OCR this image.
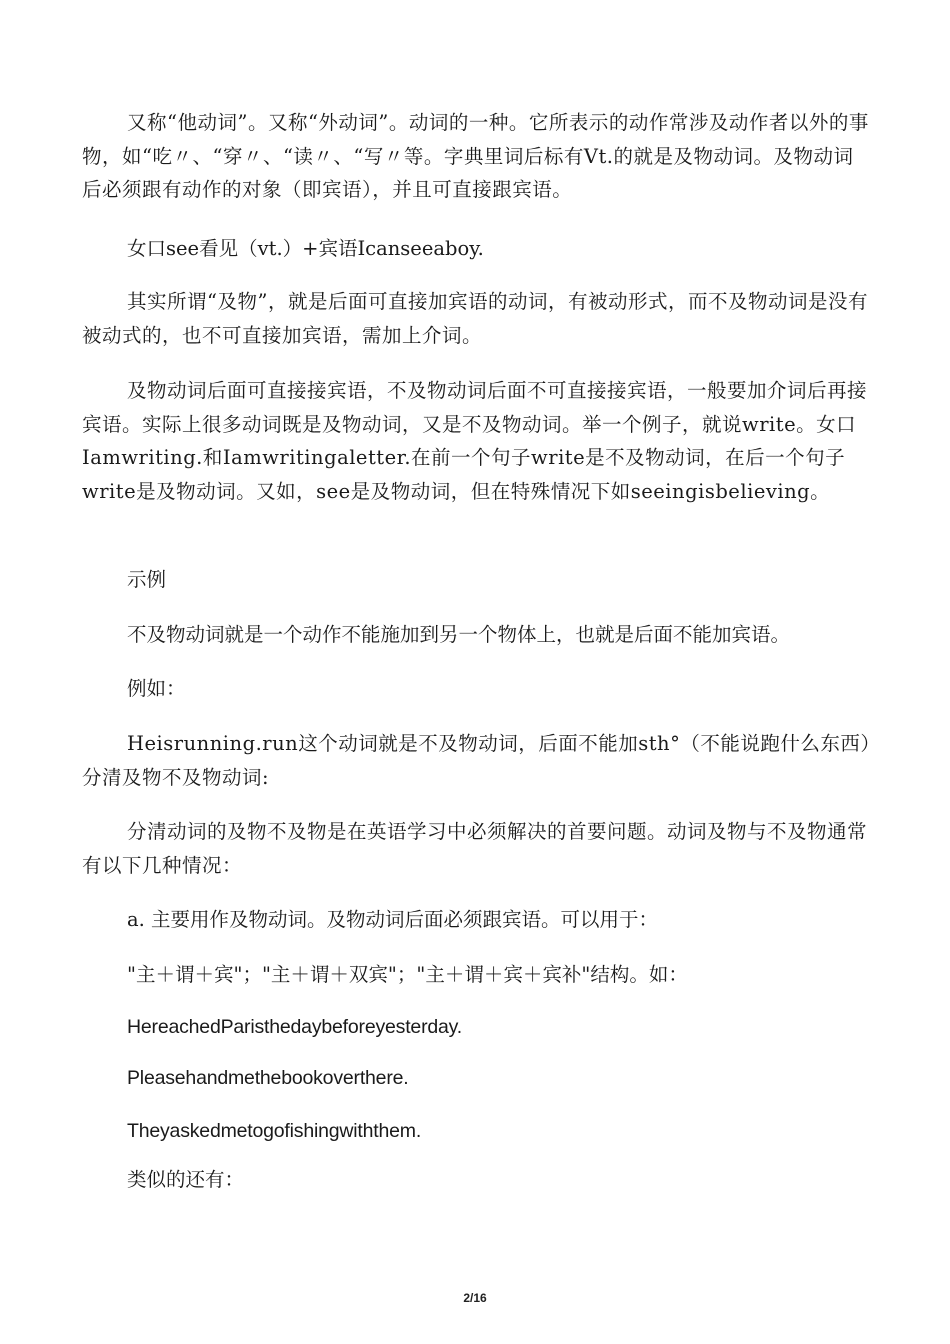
又称“他动词”。又称“外动词”。动词的一种。它所表示的动作常涉及动作者以外的事物，如“吃〃、“穿〃、“读〃、“写〃等。字典里词后标有Vt.的就是及物动词。及物动词后必须跟有动作的对象（即宾语），并且可直接跟宾语。

女口see看见（vt.）+宾语Icanseeaboy.

其实所谓“及物”，就是后面可直接加宾语的动词，有被动形式，而不及物动词是没有被动式的，也不可直接加宾语，需加上介词。

及物动词后面可直接接宾语，不及物动词后面不可直接接宾语，一般要加介词后再接宾语。实际上很多动词既是及物动词，又是不及物动词。举一个例子，就说write。女口Iamwriting.和Iamwritingaletter.在前一个句子write是不及物动词，在后一个句子write是及物动词。又如，see是及物动词，但在特殊情况下如seeingisbelieving。

示例

不及物动词就是一个动作不能施加到另一个物体上，也就是后面不能加宾语。

例如：

Heisrunning.run这个动词就是不及物动词，后面不能加sth°（不能说跑什么东西）分清及物不及物动词:

分清动词的及物不及物是在英语学习中必须解决的首要问题。动词及物与不及物通常有以下几种情况：

a. 主要用作及物动词。及物动词后面必须跟宾语。可以用于：

"主＋谓＋宾"；"主＋谓＋双宾"；"主＋谓＋宾＋宾补"结构。如：

HereachedParisthedaybeforeyesterday.

Pleasehandmethebookoverthere.

Theyaskedmetogofishingwiththem.

类似的还有：

2/16
